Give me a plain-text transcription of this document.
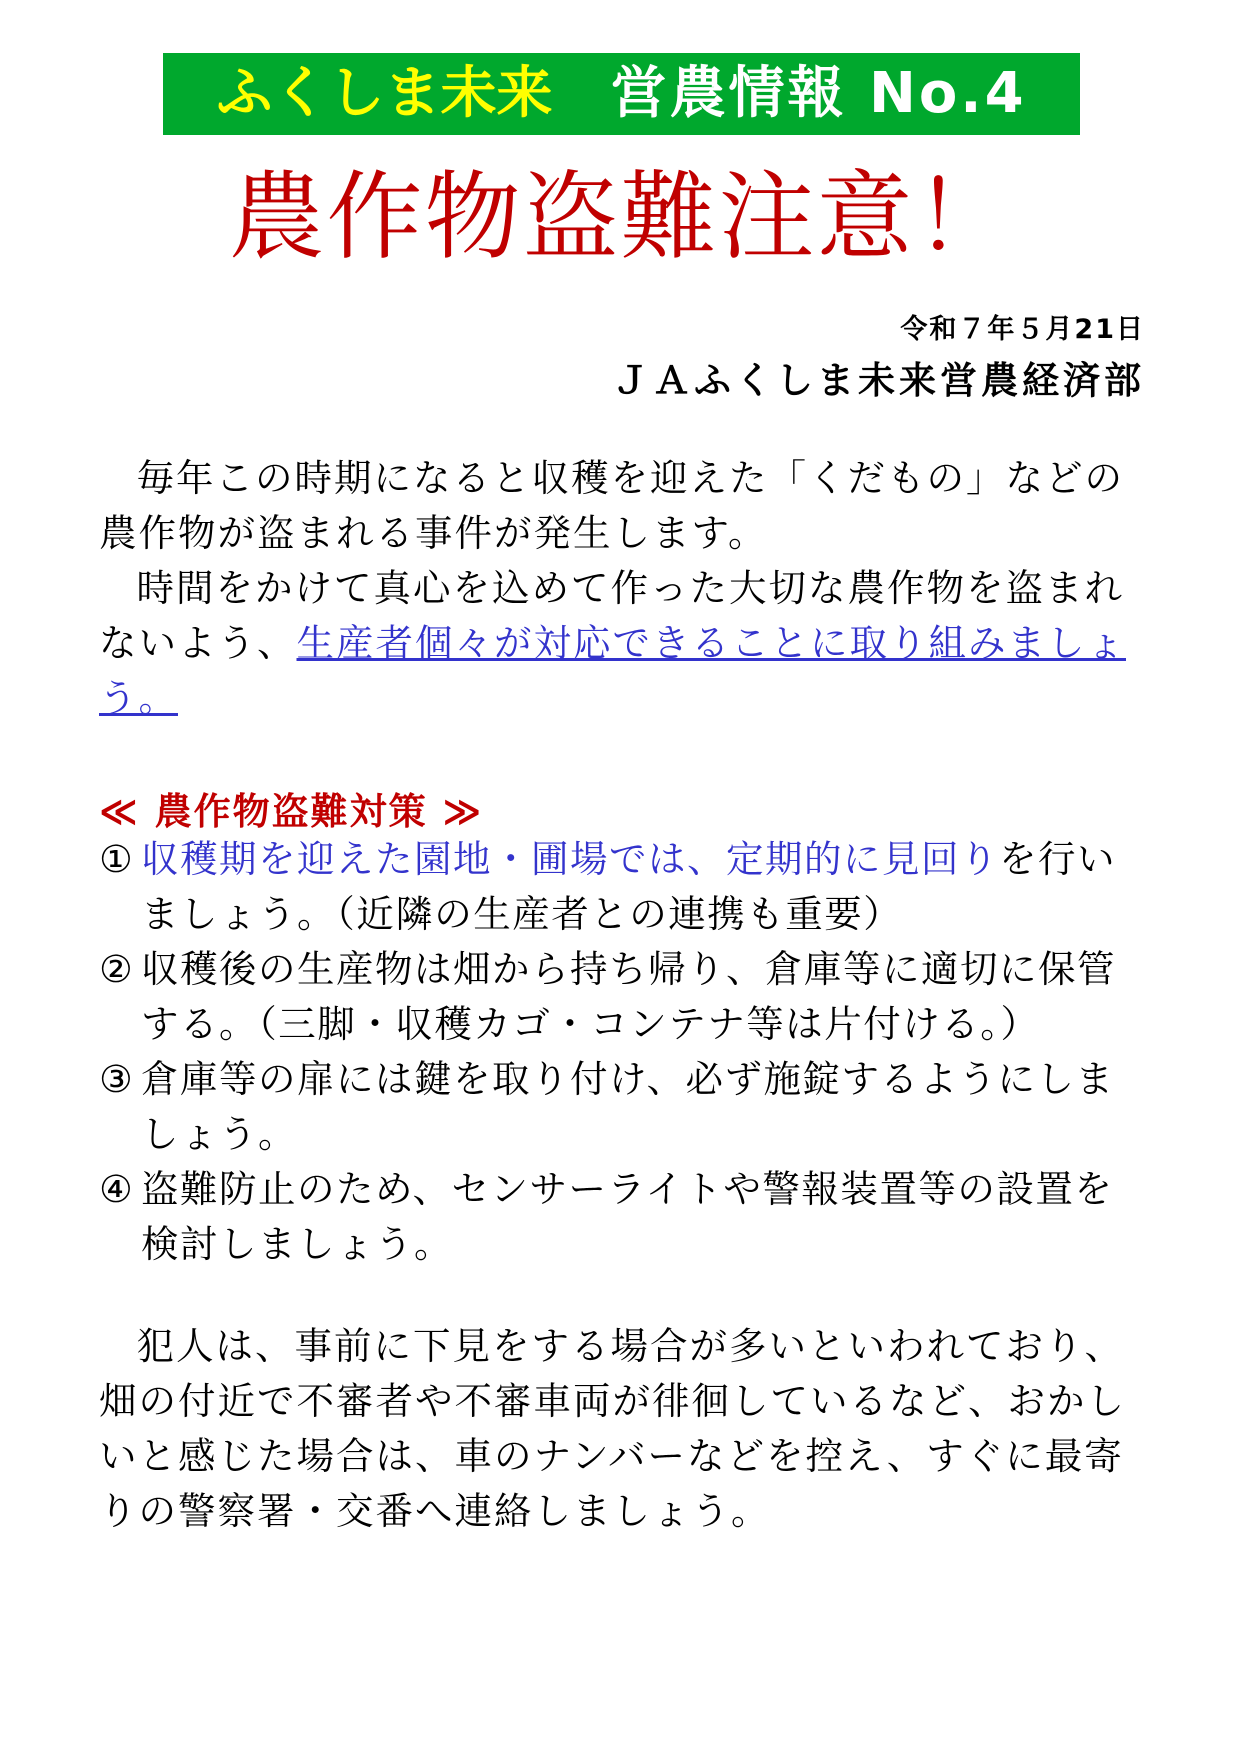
ふくしま未来 営農情報 No.4
農作物盗難注意！
令和７年５月21日
ＪＡふくしま未来営農経済部

毎年この時期になると収穫を迎えた「くだもの」などの農作物が盗まれる事件が発生します。

時間をかけて真心を込めて作った大切な農作物を盗まれないよう、生産者個々が対応できることに取り組みましょう。

≪ 農作物盗難対策 ≫
① 収穫期を迎えた園地・圃場では、定期的に見回りを行いましょう。（近隣の生産者との連携も重要）
② 収穫後の生産物は畑から持ち帰り、倉庫等に適切に保管する。（三脚・収穫カゴ・コンテナ等は片付ける。）
③ 倉庫等の扉には鍵を取り付け、必ず施錠するようにしましょう。
④ 盗難防止のため、センサーライトや警報装置等の設置を検討しましょう。

犯人は、事前に下見をする場合が多いといわれており、畑の付近で不審者や不審車両が徘徊しているなど、おかしいと感じた場合は、車のナンバーなどを控え、すぐに最寄りの警察署・交番へ連絡しましょう。
